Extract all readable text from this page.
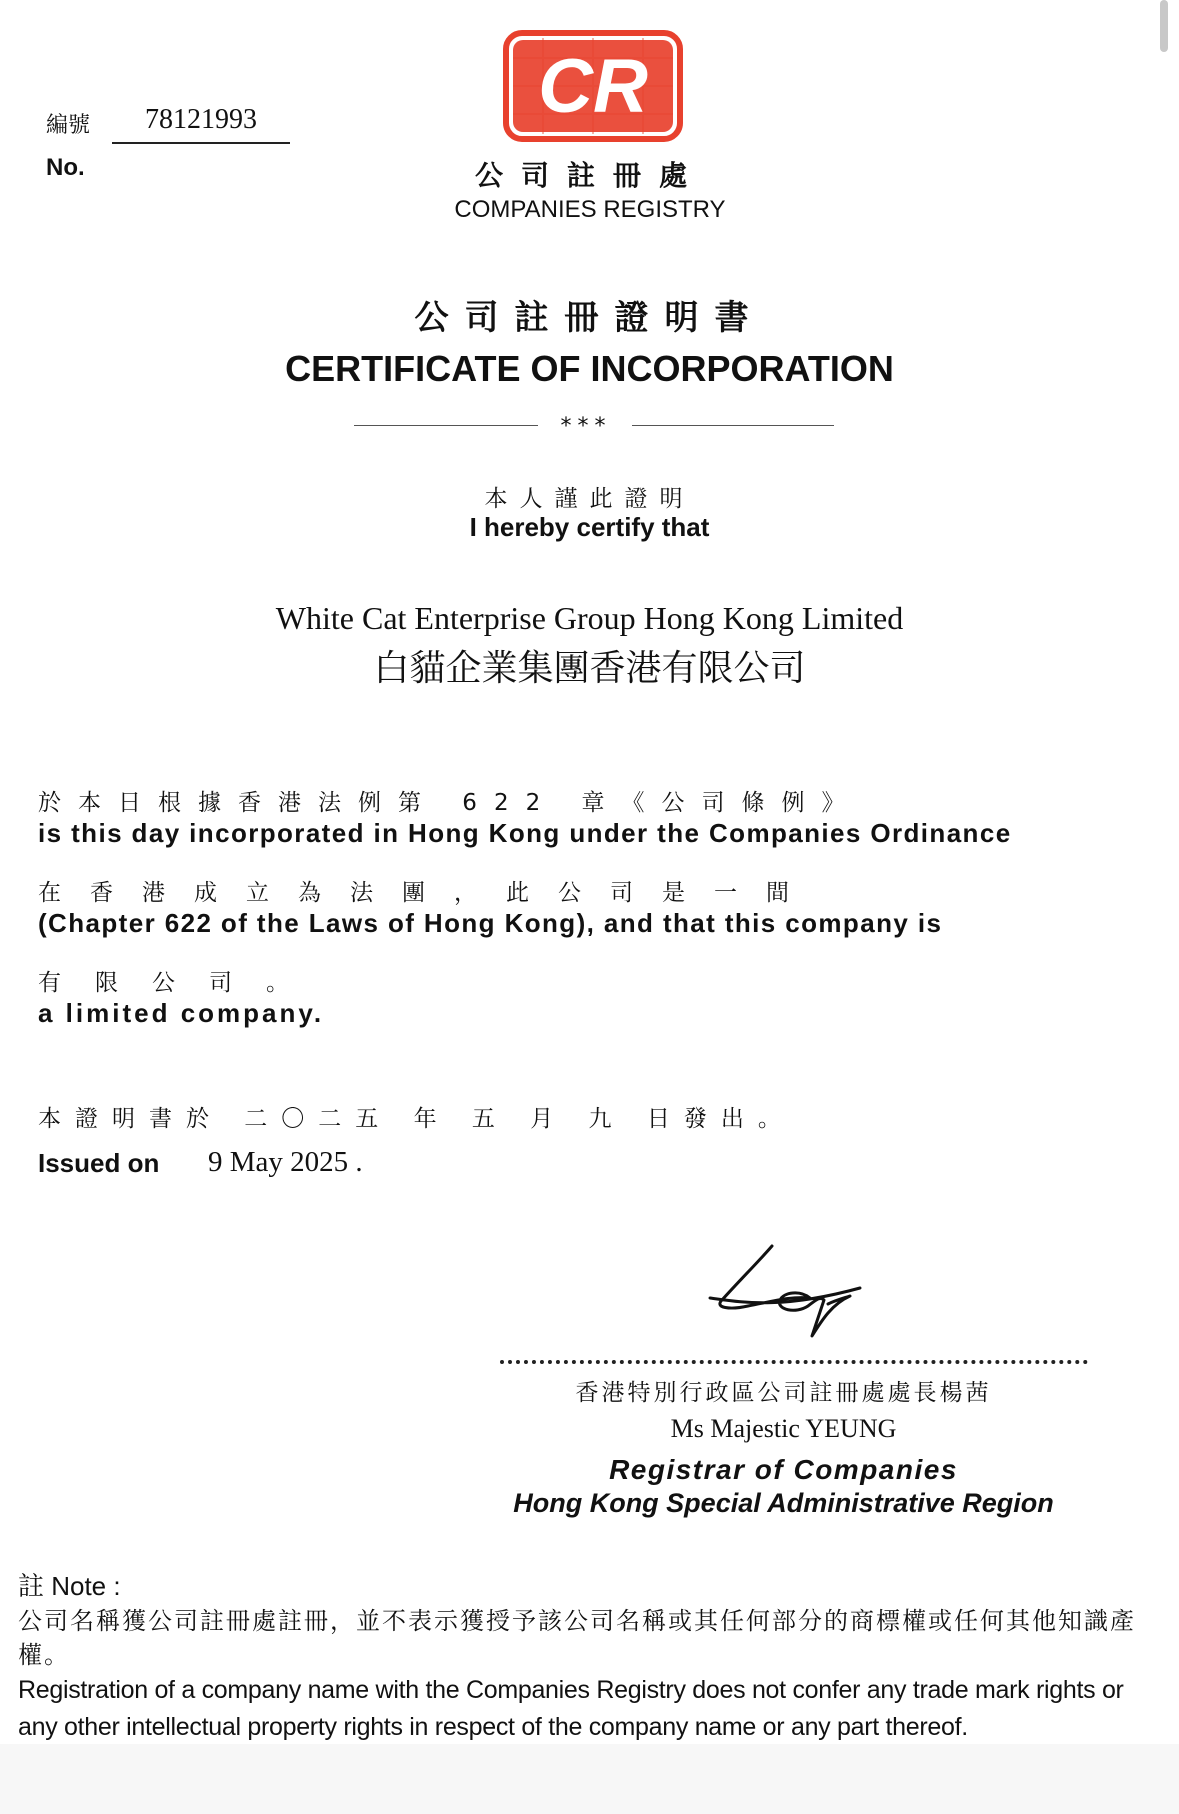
編號	78121993
No.
CR
公司註冊處
COMPANIES REGISTRY
公司註冊證明書
CERTIFICATE OF INCORPORATION
***
本人謹此證明
I hereby certify that
White Cat Enterprise Group Hong Kong Limited
白貓企業集團香港有限公司
於本日根據香港法例第 622 章《公司條例》
is this day incorporated in Hong Kong under the Companies Ordinance
在香港成立為法團，此公司是一間
(Chapter 622 of the Laws of Hong Kong), and that this company is
有限公司。
a limited company.
本證明書於 二〇二五 年 五 月 九 日發出。
Issued on 9 May 2025 .
香港特別行政區公司註冊處處長楊茜
Ms Majestic YEUNG
Registrar of Companies
Hong Kong Special Administrative Region
註 Note :
公司名稱獲公司註冊處註冊，並不表示獲授予該公司名稱或其任何部分的商標權或任何其他知識產權。
Registration of a company name with the Companies Registry does not confer any trade mark rights or any other intellectual property rights in respect of the company name or any part thereof.
